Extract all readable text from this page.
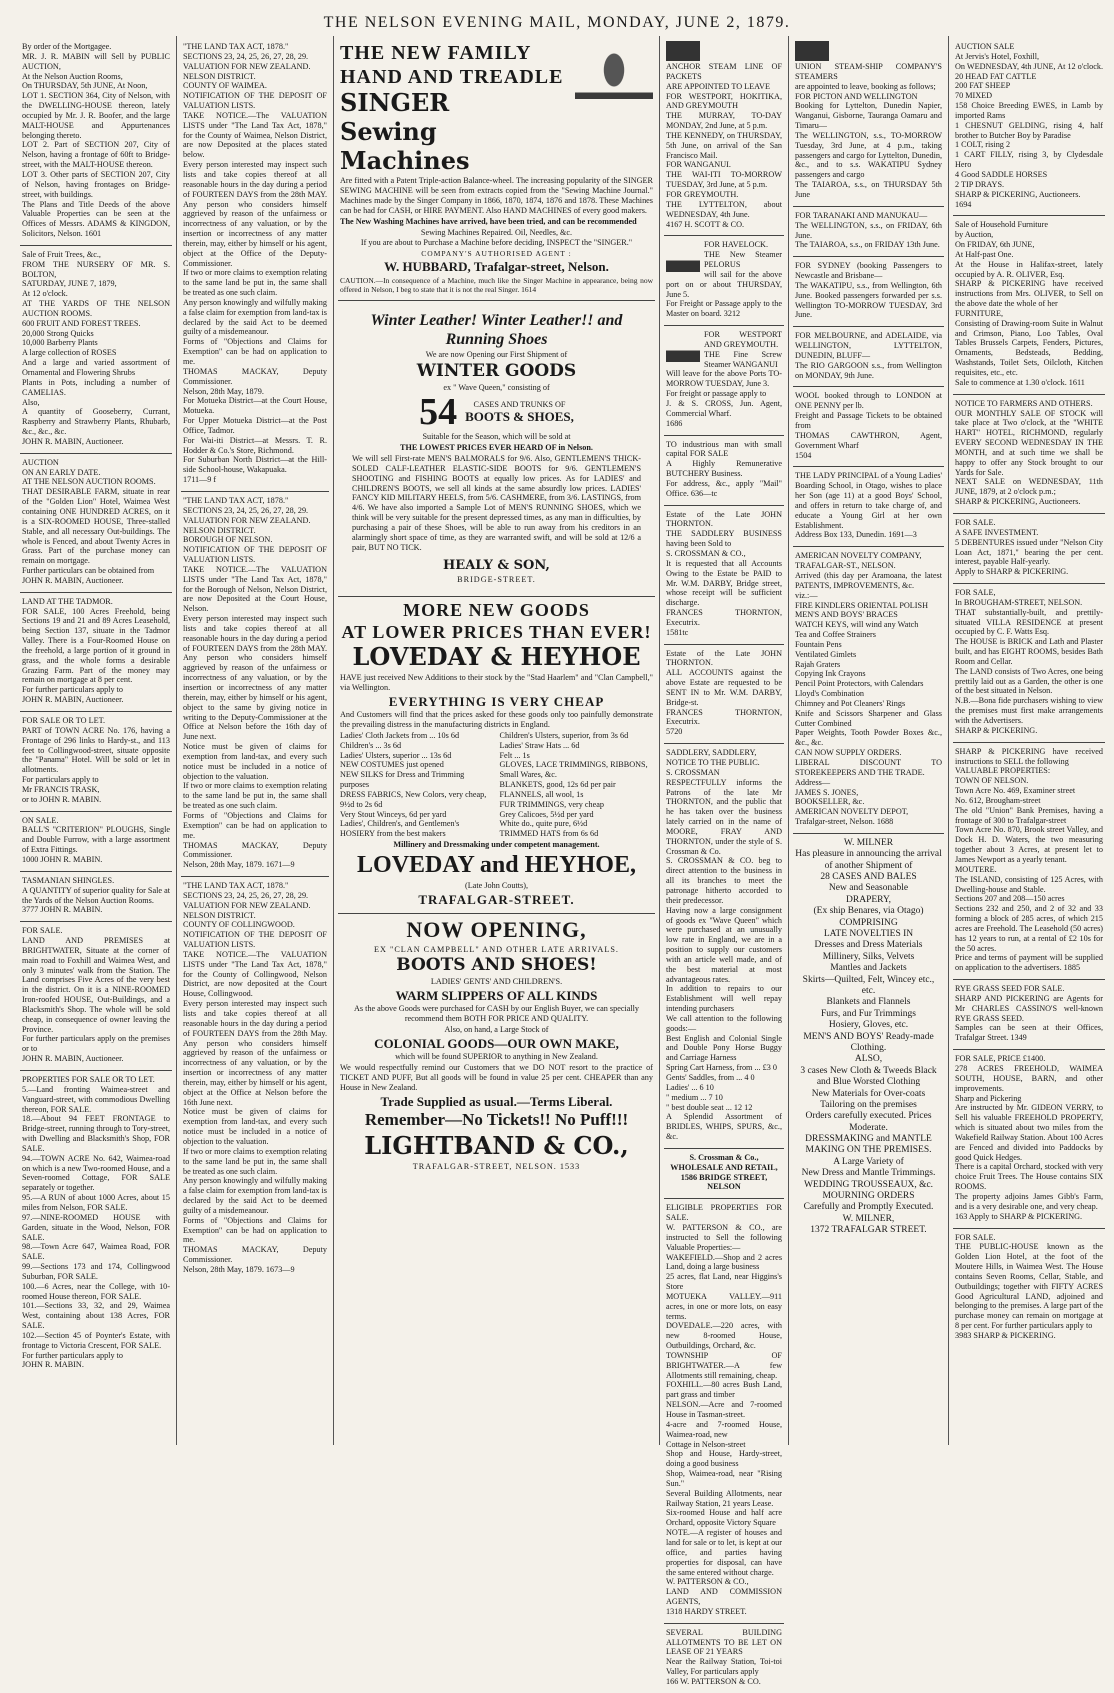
THE NELSON EVENING MAIL, MONDAY, JUNE 2, 1879.

By order of the Mortgagee.
MR. J. R. MABIN will Sell by PUBLIC AUCTION,
At the Nelson Auction Rooms,
On THURSDAY, 5th JUNE, At Noon,
LOT 1. SECTION 364, City of Nelson, with the DWELLING-HOUSE thereon, lately occupied by Mr. J. R. Boofer, and the large MALT-HOUSE and Appurtenances belonging thereto.
LOT 2. Part of SECTION 207, City of Nelson, having a frontage of 60ft to Bridge-street, with the MALT-HOUSE thereon.
LOT 3. Other parts of SECTION 207, City of Nelson, having frontages on Bridge-street, with buildings.
The Plans and Title Deeds of the above Valuable Properties can be seen at the Offices of Messrs. ADAMS & KINGDON, Solicitors, Nelson. 1601

Sale of Fruit Trees, &c.,
FROM THE NURSERY OF MR. S. BOLTON,
SATURDAY, JUNE 7, 1879,
At 12 o'clock.
AT THE YARDS OF THE NELSON AUCTION ROOMS.
600 FRUIT AND FOREST TREES.
20,000 Strong Quicks
10,000 Barberry Plants
A large collection of ROSES
And a large and varied assortment of Ornamental and Flowering Shrubs
Plants in Pots, including a number of CAMELIAS.
Also,
A quantity of Gooseberry, Currant, Raspberry and Strawberry Plants, Rhubarb, &c., &c., &c.
JOHN R. MABIN, Auctioneer.

AUCTION
ON AN EARLY DATE.
AT THE NELSON AUCTION ROOMS.
THAT DESIRABLE FARM, situate in rear of the "Golden Lion" Hotel, Waimea West containing ONE HUNDRED ACRES, on it is a SIX-ROOMED HOUSE, Three-stalled Stable, and all necessary Out-buildings. The whole is Fenced, and about Twenty Acres in Grass. Part of the purchase money can remain on mortgage.
Further particulars can be obtained from
JOHN R. MABIN, Auctioneer.

LAND AT THE TADMOR.
FOR SALE, 100 Acres Freehold, being Sections 19 and 21 and 89 Acres Leasehold, being Section 137, situate in the Tadmor Valley. There is a Four-Roomed House on the freehold, a large portion of it ground in grass, and the whole forms a desirable Grazing Farm. Part of the money may remain on mortgage at 8 per cent.
For further particulars apply to
JOHN R. MABIN, Auctioneer.

FOR SALE OR TO LET.
PART of TOWN ACRE No. 176, having a Frontage of 296 links to Hardy-st., and 113 feet to Collingwood-street, situate opposite the "Panama" Hotel. Will be sold or let in allotments.
For particulars apply to
Mr FRANCIS TRASK,
or to JOHN R. MABIN.

ON SALE.
BALL'S "CRITERION" PLOUGHS, Single and Double Furrow, with a large assortment of Extra Fittings.
1000 JOHN R. MABIN.

TASMANIAN SHINGLES.
A QUANTITY of superior quality for Sale at the Yards of the Nelson Auction Rooms.
3777 JOHN R. MABIN.

FOR SALE.
LAND AND PREMISES at BRIGHTWATER, Situate at the corner of main road to Foxhill and Waimea West, and only 3 minutes' walk from the Station. The Land comprises Five Acres of the very best in the district. On it is a NINE-ROOMED Iron-roofed HOUSE, Out-Buildings, and a Blacksmith's Shop. The whole will be sold cheap, in consequence of owner leaving the Province.
For further particulars apply on the premises or to
JOHN R. MABIN, Auctioneer.

PROPERTIES FOR SALE OR TO LET.
5.—Land fronting Waimea-street and Vanguard-street, with commodious Dwelling thereon, FOR SALE.
18.—About 94 FEET FRONTAGE to Bridge-street, running through to Tory-street, with Dwelling and Blacksmith's Shop, FOR SALE.
94.—TOWN ACRE No. 642, Waimea-road on which is a new Two-roomed House, and a Seven-roomed Cottage, FOR SALE separately or together.
95.—A RUN of about 1000 Acres, about 15 miles from Nelson, FOR SALE.
97.—NINE-ROOMED HOUSE with Garden, situate in the Wood, Nelson, FOR SALE.
98.—Town Acre 647, Waimea Road, FOR SALE.
99.—Sections 173 and 174, Collingwood Suburban, FOR SALE.
100.—6 Acres, near the College, with 10-roomed House thereon, FOR SALE.
101.—Sections 33, 32, and 29, Waimea West, containing about 138 Acres, FOR SALE.
102.—Section 45 of Poynter's Estate, with frontage to Victoria Crescent, FOR SALE.
For further particulars apply to
JOHN R. MABIN.

"THE LAND TAX ACT, 1878."
SECTIONS 23, 24, 25, 26, 27, 28, 29.
VALUATION FOR NEW ZEALAND.
NELSON DISTRICT.
COUNTY OF WAIMEA.
NOTIFICATION OF THE DEPOSIT OF VALUATION LISTS.
TAKE NOTICE.—The VALUATION LISTS under "The Land Tax Act, 1878," for the County of Waimea, Nelson District, are now Deposited at the places stated below.
Every person interested may inspect such lists and take copies thereof at all reasonable hours in the day during a period of FOURTEEN DAYS from the 28th MAY. Any person who considers himself aggrieved by reason of the unfairness or incorrectness of any valuation, or by the insertion or incorrectness of any matter therein, may, either by himself or his agent, object at the Office of the Deputy-Commissioner.
If two or more claims to exemption relating to the same land be put in, the same shall be treated as one such claim.
Any person knowingly and wilfully making a false claim for exemption from land-tax is declared by the said Act to be deemed guilty of a misdemeanour.
Forms of "Objections and Claims for Exemption" can be had on application to me.
THOMAS MACKAY, Deputy Commissioner.
Nelson, 28th May, 1879.
For Motueka District—at the Court House, Motueka.
For Upper Motueka District—at the Post Office, Tadmor.
For Wai-iti District—at Messrs. T. R. Hodder & Co.'s Store, Richmond.
For Suburban North District—at the Hill-side School-house, Wakapuaka.
1711—9 f

"THE LAND TAX ACT, 1878."
SECTIONS 23, 24, 25, 26, 27, 28, 29.
VALUATION FOR NEW ZEALAND.
NELSON DISTRICT.
BOROUGH OF NELSON.
NOTIFICATION OF THE DEPOSIT OF VALUATION LISTS.
TAKE NOTICE.—The VALUATION LISTS under "The Land Tax Act, 1878," for the Borough of Nelson, Nelson District, are now Deposited at the Court House, Nelson.
Every person interested may inspect such lists and take copies thereof at all reasonable hours in the day during a period of FOURTEEN DAYS from the 28th MAY. Any person who considers himself aggrieved by reason of the unfairness or incorrectness of any valuation, or by the insertion or incorrectness of any matter therein, may, either by himself or his agent, object to the same by giving notice in writing to the Deputy-Commissioner at the Office at Nelson before the 16th day of June next.
Notice must be given of claims for exemption from land-tax, and every such notice must be included in a notice of objection to the valuation.
If two or more claims to exemption relating to the same land be put in, the same shall be treated as one such claim.
Forms of "Objections and Claims for Exemption" can be had on application to me.
THOMAS MACKAY, Deputy Commissioner.
Nelson, 28th May, 1879. 1671—9

"THE LAND TAX ACT, 1878."
SECTIONS 23, 24, 25, 26, 27, 28, 29.
VALUATION FOR NEW ZEALAND.
NELSON DISTRICT.
COUNTY OF COLLINGWOOD.
NOTIFICATION OF THE DEPOSIT OF VALUATION LISTS.
TAKE NOTICE.—The VALUATION LISTS under "The Land Tax Act, 1878," for the County of Collingwood, Nelson District, are now deposited at the Court House, Collingwood.
Every person interested may inspect such lists and take copies thereof at all reasonable hours in the day during a period of FOURTEEN DAYS from the 28th May. Any person who considers himself aggrieved by reason of the unfairness or incorrectness of any valuation, or by the insertion or incorrectness of any matter therein, may, either by himself or his agent, object at the Office at Nelson before the 16th June next.
Notice must be given of claims for exemption from land-tax, and every such notice must be included in a notice of objection to the valuation.
If two or more claims to exemption relating to the same land be put in, the same shall be treated as one such claim.
Any person knowingly and wilfully making a false claim for exemption from land-tax is declared by the said Act to be deemed guilty of a misdemeanour.
Forms of "Objections and Claims for Exemption" can be had on application to me.
THOMAS MACKAY, Deputy Commissioner.
Nelson, 28th May, 1879. 1673—9

THE NEW FAMILY HAND AND TREADLE
SINGER
Sewing
Machines

Are fitted with a Patent Triple-action Balance-wheel. The increasing popularity of the SINGER SEWING MACHINE will be seen from extracts copied from the "Sewing Machine Journal." Machines made by the Singer Company in 1866, 1870, 1874, 1876 and 1878. These Machines can be had for CASH, or HIRE PAYMENT. Also HAND MACHINES of every good makers.

The New Washing Machines have arrived, have been tried, and can be recommended

Sewing Machines Repaired. Oil, Needles, &c.

If you are about to Purchase a Machine before deciding, INSPECT the "SINGER."

COMPANY'S AUTHORISED AGENT :

W. HUBBARD, Trafalgar-street, Nelson.

CAUTION.—In consequence of a Machine, much like the Singer Machine in appearance, being now offered in Nelson, I beg to state that it is not the real Singer. 1614

Winter Leather! Winter Leather!! and Running Shoes

We are now Opening our First Shipment of

WINTER GOODS

ex " Wave Queen," consisting of

54	CASES AND TRUNKS OF
BOOTS & SHOES,

Suitable for the Season, which will be sold at

THE LOWEST PRICES EVER HEARD OF in Nelson.

We will sell First-rate MEN'S BALMORALS for 9/6. Also, GENTLEMEN'S THICK-SOLED CALF-LEATHER ELASTIC-SIDE BOOTS for 9/6. GENTLEMEN'S SHOOTING and FISHING BOOTS at equally low prices. As for LADIES' and CHILDREN'S BOOTS, we sell all kinds at the same absurdly low prices. LADIES' FANCY KID MILITARY HEELS, from 5/6. CASHMERE, from 3/6. LASTINGS, from 4/6. We have also imported a Sample Lot of MEN'S RUNNING SHOES, which we think will be very suitable for the present depressed times, as any man in difficulties, by purchasing a pair of these Shoes, will be able to run away from his creditors in an alarmingly short space of time, as they are warranted swift, and will be sold at 12/6 a pair, BUT NO TICK.

HEALY & SON,

BRIDGE-STREET.

MORE NEW GOODS
AT LOWER PRICES THAN EVER!
LOVEDAY & HEYHOE

HAVE just received New Additions to their stock by the "Stad Haarlem" and "Clan Campbell," via Wellington.

EVERYTHING IS VERY CHEAP

And Customers will find that the prices asked for these goods only too painfully demonstrate the prevailing distress in the manufacturing districts in England.

Ladies' Cloth Jackets from ... 10s 6d
Children's ... 3s 6d
Ladies' Ulsters, superior ... 13s 6d
NEW COSTUMES just opened
NEW SILKS for Dress and Trimming purposes
DRESS FABRICS, New Colors, very cheap, 9½d to 2s 6d
Very Stout Winceys, 6d per yard
Ladies', Children's, and Gentlemen's HOSIERY from the best makers
Children's Ulsters, superior, from 3s 6d
Ladies' Straw Hats ... 6d
Felt ... 1s
GLOVES, LACE TRIMMINGS, RIBBONS, Small Wares, &c.
BLANKETS, good, 12s 6d per pair
FLANNELS, all wool, 1s
FUR TRIMMINGS, very cheap
Grey Calicoes, 5½d per yard
White do., quite pure, 6½d
TRIMMED HATS from 6s 6d

Millinery and Dressmaking under competent management.

LOVEDAY and HEYHOE,

(Late John Coutts),

TRAFALGAR-STREET.

NOW OPENING,

EX "CLAN CAMPBELL" AND OTHER LATE ARRIVALS.

BOOTS AND SHOES!

LADIES' GENTS' AND CHILDREN'S.

WARM SLIPPERS OF ALL KINDS

As the above Goods were purchased for CASH by our English Buyer, we can specially recommend them BOTH FOR PRICE AND QUALITY.

Also, on hand, a Large Stock of

COLONIAL GOODS—OUR OWN MAKE,

which will be found SUPERIOR to anything in New Zealand.

We would respectfully remind our Customers that we DO NOT resort to the practice of TICKET AND PUFF, But all goods will be found in value 25 per cent. CHEAPER than any House in New Zealand.

Trade Supplied as usual.—Terms Liberal.

Remember—No Tickets!! No Puff!!!

LIGHTBAND & CO.,

TRAFALGAR-STREET, NELSON. 1533

ANCHOR STEAM LINE OF PACKETS
ARE APPOINTED TO LEAVE
FOR WESTPORT, HOKITIKA, AND GREYMOUTH
THE MURRAY, TO-DAY MONDAY, 2nd June, at 5 p.m.
THE KENNEDY, on THURSDAY, 5th June, on arrival of the San Francisco Mail.
FOR WANGANUI.
THE WAI-ITI TO-MORROW TUESDAY, 3rd June, at 5 p.m.
FOR GREYMOUTH.
THE LYTTELTON, about WEDNESDAY, 4th June.
4167 H. SCOTT & CO.

FOR HAVELOCK.
THE New Steamer PELORUS
will sail for the above port on or about THURSDAY, June 5.
For Freight or Passage apply to the Master on board. 3212

FOR WESTPORT AND GREYMOUTH.
THE Fine Screw Steamer WANGANUI
Will leave for the above Ports TO-MORROW TUESDAY, June 3.
For freight or passage apply to
J. & S. CROSS, Jun. Agent, Commercial Wharf.
1686

TO industrious man with small capital FOR SALE
A Highly Remunerative BUTCHERY Business.
For address, &c., apply "Mail" Office. 636—tc

Estate of the Late JOHN THORNTON.
THE SADDLERY BUSINESS having been Sold to
S. CROSSMAN & CO.,
It is requested that all Accounts Owing to the Estate be PAID to Mr. W.M. DARBY, Bridge street, whose receipt will be sufficient discharge.
FRANCES THORNTON, Executrix.
1581tc

Estate of the Late JOHN THORNTON.
ALL ACCOUNTS against the above Estate are requested to be SENT IN to Mr. W.M. DARBY, Bridge-st.
FRANCES THORNTON, Executrix.
5720

SADDLERY, SADDLERY,
NOTICE TO THE PUBLIC.
S. CROSSMAN
RESPECTFULLY informs the Patrons of the late Mr THORNTON, and the public that he has taken over the business lately carried on in the name of MOORE, FRAY AND THORNTON, under the style of S. Crossman & Co.
S. CROSSMAN & CO. beg to direct attention to the business in all its branches to meet the patronage hitherto accorded to their predecessor.
Having now a large consignment of goods ex "Wave Queen" which were purchased at an unusually low rate in England, we are in a position to supply our customers with an article well made, and of the best material at most advantageous rates.
In addition to repairs to our Establishment will well repay intending purchasers
We call attention to the following goods:—
Best English and Colonial Single and Double Pony Horse Buggy and Carriage Harness
Spring Cart Harness, from ... £3 0
Gents' Saddles, from ... 4 0
Ladies' ... 6 10
" medium ... 7 10
" best double seat ... 12 12
A Splendid Assortment of BRIDLES, WHIPS, SPURS, &c., &c.

S. Crossman & Co.,
WHOLESALE AND RETAIL,
1586 BRIDGE STREET, NELSON

ELIGIBLE PROPERTIES FOR SALE.
W. PATTERSON & CO., are instructed to Sell the following Valuable Properties:—
WAKEFIELD.—Shop and 2 acres Land, doing a large business
25 acres, flat Land, near Higgins's Store
MOTUEKA VALLEY.—911 acres, in one or more lots, on easy terms.
DOVEDALE.—220 acres, with new 8-roomed House, Outbuildings, Orchard, &c.
TOWNSHIP OF BRIGHTWATER.—A few Allotments still remaining, cheap.
FOXHILL.—80 acres Bush Land, part grass and timber
NELSON.—Acre and 7-roomed House in Tasman-street.
4-acre and 7-roomed House, Waimea-road, new
Cottage in Nelson-street
Shop and House, Hardy-street, doing a good business
Shop, Waimea-road, near "Rising Sun."
Several Building Allotments, near Railway Station, 21 years Lease.
Six-roomed House and half acre Orchard, opposite Victory Square
NOTE.—A register of houses and land for sale or to let, is kept at our office, and parties having properties for disposal, can have the same entered without charge.
W. PATTERSON & CO.,
LAND AND COMMISSION AGENTS,
1318 HARDY STREET.

SEVERAL BUILDING ALLOTMENTS TO BE LET ON LEASE OF 21 YEARS
Near the Railway Station, Toi-toi Valley, For particulars apply
166 W. PATTERSON & CO.

UNION STEAM-SHIP COMPANY'S STEAMERS
are appointed to leave, booking as follows;
FOR PICTON AND WELLINGTON
Booking for Lyttelton, Dunedin Napier, Wanganui, Gisborne, Tauranga Oamaru and Timaru—
The WELLINGTON, s.s., TO-MORROW Tuesday, 3rd June, at 4 p.m., taking passengers and cargo for Lyttelton, Dunedin, &c., and to s.s. WAKATIPU Sydney passengers and cargo
The TAIAROA, s.s., on THURSDAY 5th June

FOR TARANAKI AND MANUKAU—
The WELLINGTON, s.s., on FRIDAY, 6th June.
The TAIAROA, s.s., on FRIDAY 13th June.

FOR SYDNEY (booking Passengers to Newcastle and Brisbane—
The WAKATIPU, s.s., from Wellington, 6th June. Booked passengers forwarded per s.s. Wellington TO-MORROW TUESDAY, 3rd June.

FOR MELBOURNE, and ADELAIDE, via WELLINGTON, LYTTELTON, DUNEDIN, BLUFF—
The RIO GARGOON s.s., from Wellington on MONDAY, 9th June.

WOOL booked through to LONDON at ONE PENNY per lb.
Freight and Passage Tickets to be obtained from
THOMAS CAWTHRON, Agent, Government Wharf
1504

THE LADY PRINCIPAL of a Young Ladies' Boarding School, in Otago, wishes to place her Son (age 11) at a good Boys' School, and offers in return to take charge of, and educate a Young Girl at her own Establishment.
Address Box 133, Dunedin. 1691—3

AMERICAN NOVELTY COMPANY,
TRAFALGAR-ST., NELSON.
Arrived (this day per Aramoana, the latest PATENTS, IMPROVEMENTS, &c.
viz.:—
FIRE KINDLERS ORIENTAL POLISH
MEN'S AND BOYS' BRACES
WATCH KEYS, will wind any Watch
Tea and Coffee Strainers
Fountain Pens
Ventilated Gimlets
Rajah Graters
Copying Ink Crayons
Pencil Point Protectors, with Calendars
Lloyd's Combination
Chimney and Pot Cleaners' Rings
Knife and Scissors Sharpener and Glass Cutter Combined
Paper Weights, Tooth Powder Boxes &c., &c., &c.
CAN NOW SUPPLY ORDERS.
LIBERAL DISCOUNT TO STOREKEEPERS AND THE TRADE.
Address—
JAMES S. JONES,
BOOKSELLER, &c.
AMERICAN NOVELTY DEPOT,
Trafalgar-street, Nelson. 1688

W. MILNER
Has pleasure in announcing the arrival of another Shipment of
28 CASES AND BALES
New and Seasonable
DRAPERY,
(Ex ship Benares, via Otago)
COMPRISING
LATE NOVELTIES IN
Dresses and Dress Materials
Millinery, Silks, Velvets
Mantles and Jackets
Skirts—Quilted, Felt, Wincey etc., etc.
Blankets and Flannels
Furs, and Fur Trimmings
Hosiery, Gloves, etc.
MEN'S AND BOYS' Ready-made Clothing.
ALSO,
3 cases New Cloth & Tweeds Black and Blue Worsted Clothing
New Materials for Over-coats
Tailoring on the premises
Orders carefully executed. Prices Moderate.
DRESSMAKING and MANTLE MAKING ON THE PREMISES.
A Large Variety of
New Dress and Mantle Trimmings.
WEDDING TROUSSEAUX, &c.
MOURNING ORDERS
Carefully and Promptly Executed.
W. MILNER,
1372 TRAFALGAR STREET.

AUCTION SALE
At Jervis's Hotel, Foxhill,
On WEDNESDAY, 4th JUNE, At 12 o'clock.
20 HEAD FAT CATTLE
200 FAT SHEEP
70 MIXED
158 Choice Breeding EWES, in Lamb by imported Rams
1 CHESNUT GELDING, rising 4, half brother to Butcher Boy by Paradise
1 COLT, rising 2
1 CART FILLY, rising 3, by Clydesdale Hero
4 Good SADDLE HORSES
2 TIP DRAYS.
SHARP & PICKERING, Auctioneers.
1694

Sale of Household Furniture
by Auction,
On FRIDAY, 6th JUNE,
At Half-past One.
At the House in Halifax-street, lately occupied by A. R. OLIVER, Esq.
SHARP & PICKERING have received instructions from Mrs. OLIVER, to Sell on the above date the whole of her
FURNITURE,
Consisting of Drawing-room Suite in Walnut and Crimson, Piano, Loo Tables, Oval Tables Brussels Carpets, Fenders, Pictures, Ornaments, Bedsteads, Bedding, Washstands, Toilet Sets, Oilcloth, Kitchen requisites, etc., etc.
Sale to commence at 1.30 o'clock. 1611

NOTICE TO FARMERS AND OTHERS.
OUR MONTHLY SALE OF STOCK will take place at Two o'clock, at the "WHITE HART" HOTEL, RICHMOND, regularly EVERY SECOND WEDNESDAY IN THE MONTH, and at such time we shall be happy to offer any Stock brought to our Yards for Sale.
NEXT SALE on WEDNESDAY, 11th JUNE, 1879, at 2 o'clock p.m.;
SHARP & PICKERING, Auctioneers.

FOR SALE.
A SAFE INVESTMENT.
5 DEBENTURES issued under "Nelson City Loan Act, 1871," bearing the per cent. interest, payable Half-yearly.
Apply to SHARP & PICKERING.

FOR SALE,
In BROUGHAM-STREET, NELSON.
THAT substantially-built, and prettily-situated VILLA RESIDENCE at present occupied by C. F. Watts Esq.
The HOUSE is BRICK and Lath and Plaster built, and has EIGHT ROOMS, besides Bath Room and Cellar.
The LAND consists of Two Acres, one being prettily laid out as a Garden, the other is one of the best situated in Nelson.
N.B.—Bona fide purchasers wishing to view the premises must first make arrangements with the Advertisers.
SHARP & PICKERING.

SHARP & PICKERING have received instructions to SELL the following
VALUABLE PROPERTIES:
TOWN OF NELSON.
Town Acre No. 469, Examiner street
No. 612, Brougham-street
The old "Union" Bank Premises, having a frontage of 300 to Trafalgar-street
Town Acre No. 870, Brook street Valley, and Dock H. D. Waters, the two measuring together about 3 Acres, at present let to James Newport as a yearly tenant.
MOUTERE.
The ISLAND, consisting of 125 Acres, with Dwelling-house and Stable.
Sections 207 and 208—150 acres
Sections 232 and 250, and 2 of 32 and 33 forming a block of 285 acres, of which 215 acres are Freehold. The Leasehold (50 acres) has 12 years to run, at a rental of £2 10s for the 50 acres.
Price and terms of payment will be supplied on application to the advertisers. 1885

RYE GRASS SEED FOR SALE.
SHARP AND PICKERING are Agents for Mr CHARLES CASSINO'S well-known RYE GRASS SEED.
Samples can be seen at their Offices, Trafalgar Street. 1349

FOR SALE, PRICE £1400.
278 ACRES FREEHOLD, WAIMEA SOUTH, HOUSE, BARN, and other improvements.
Sharp and Pickering
Are instructed by Mr. GIDEON VERRY, to Sell his valuable FREEHOLD PROPERTY, which is situated about two miles from the Wakefield Railway Station. About 100 Acres are Fenced and divided into Paddocks by good Quick Hedges.
There is a capital Orchard, stocked with very choice Fruit Trees. The House contains SIX ROOMS.
The property adjoins James Gibb's Farm, and is a very desirable one, and very cheap.
163 Apply to SHARP & PICKERING.

FOR SALE.
THE PUBLIC-HOUSE known as the Golden Lion Hotel, at the foot of the Moutere Hills, in Waimea West. The House contains Seven Rooms, Cellar, Stable, and Outbuildings; together with FIFTY ACRES Good Agricultural LAND, adjoined and belonging to the premises. A large part of the purchase money can remain on mortgage at 8 per cent. For further particulars apply to
3983 SHARP & PICKERING.
